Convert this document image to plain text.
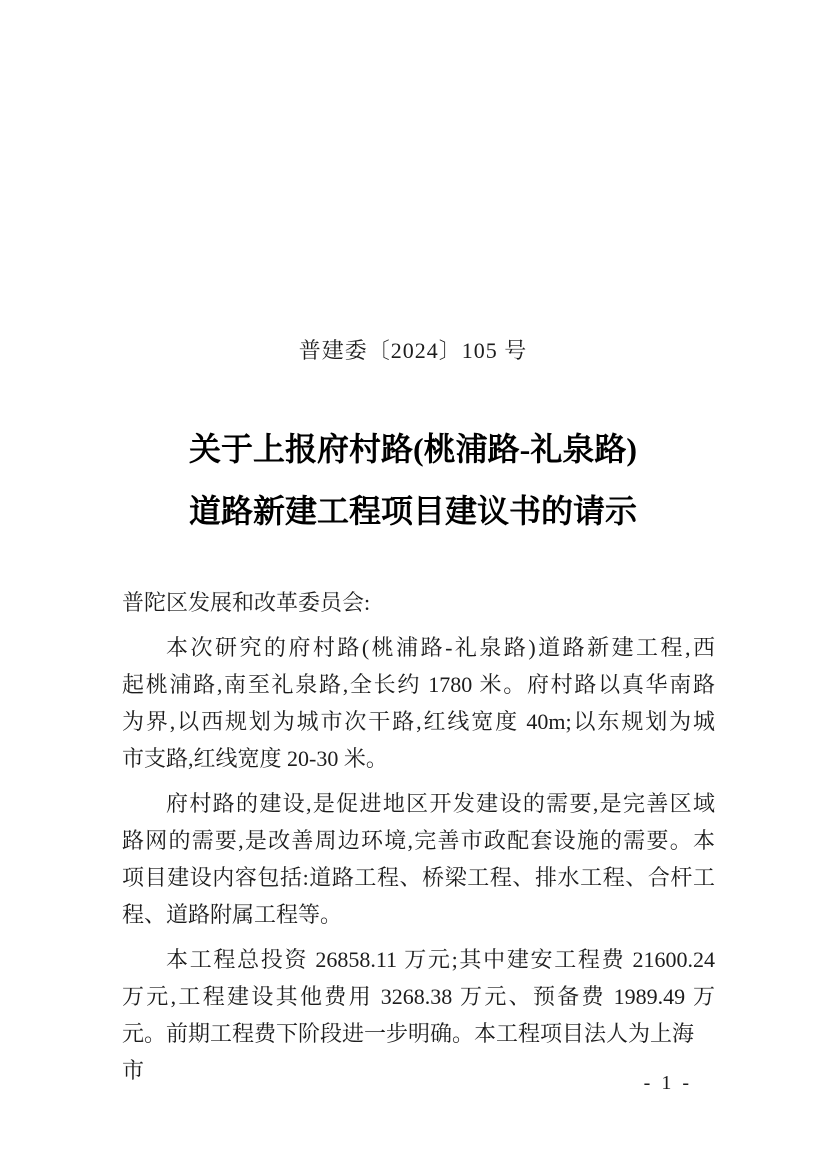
普建委〔2024〕105 号
关于上报府村路(桃浦路-礼泉路)
道路新建工程项目建议书的请示
普陀区发展和改革委员会:
本次研究的府村路(桃浦路-礼泉路)道路新建工程,西
起桃浦路,南至礼泉路,全长约 1780 米。府村路以真华南路
为界,以西规划为城市次干路,红线宽度 40m;以东规划为城
市支路,红线宽度 20-30 米。
府村路的建设,是促进地区开发建设的需要,是完善区域
路网的需要,是改善周边环境,完善市政配套设施的需要。本
项目建设内容包括:道路工程、桥梁工程、排水工程、合杆工
程、道路附属工程等。
本工程总投资 26858.11 万元;其中建安工程费 21600.24
万元,工程建设其他费用 3268.38 万元、预备费 1989.49 万
元。前期工程费下阶段进一步明确。本工程项目法人为上海市	- 1 -
